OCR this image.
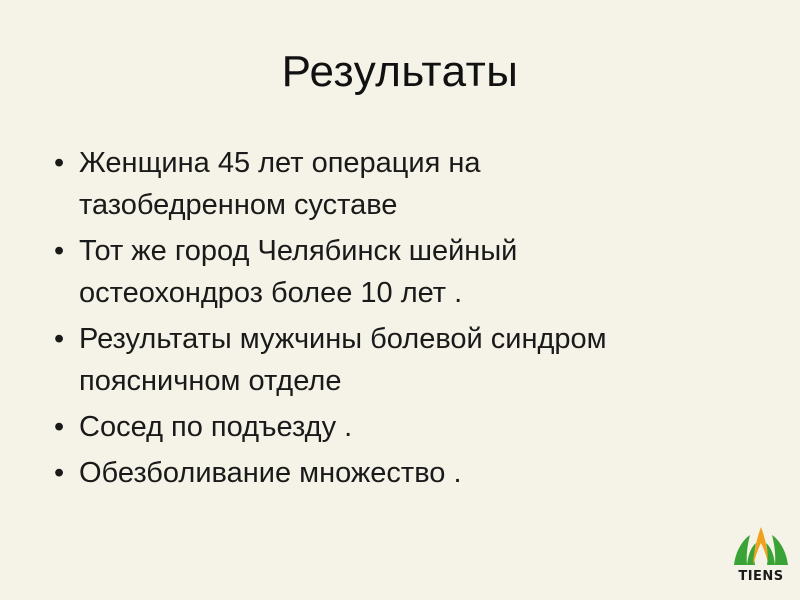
Результаты
• Женщина 45 лет операция на
тазобедренном суставе
• Тот же город Челябинск шейный
остеохондроз более 10 лет .
• Результаты мужчины болевой синдром
поясничном отделе
• Сосед по подъезду .
• Обезболивание множество .
TIENS
